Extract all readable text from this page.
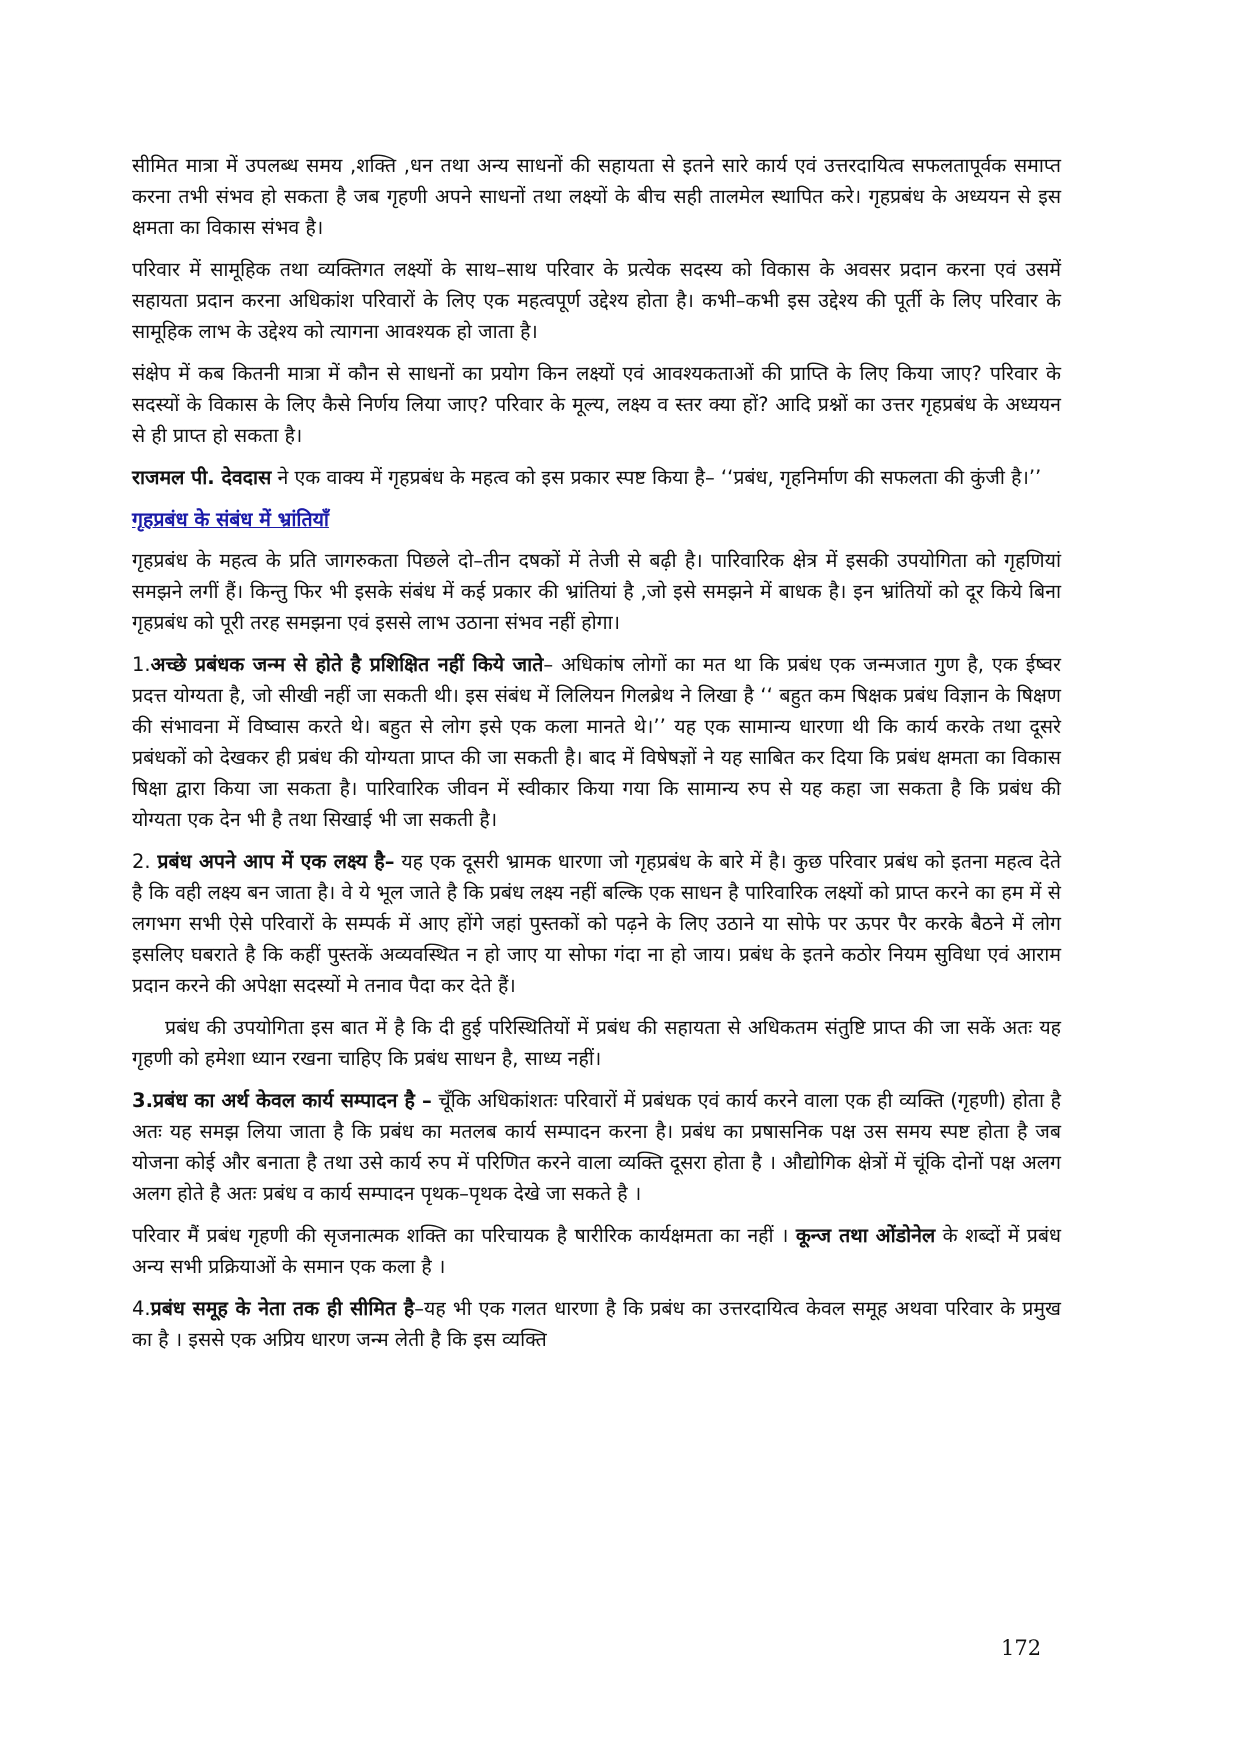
सीमित मात्रा में उपलब्ध समय ,शक्ति ,धन तथा अन्य साधनों की सहायता से इतने सारे कार्य एवं उत्तरदायित्व सफलतापूर्वक समाप्त करना तभी संभव हो सकता है जब गृहणी अपने साधनों तथा लक्ष्यों के बीच सही तालमेल स्थापित करे। गृहप्रबंध के अध्ययन से इस क्षमता का विकास संभव है।

परिवार में सामूहिक तथा व्यक्तिगत लक्ष्यों के साथ–साथ परिवार के प्रत्येक सदस्य को विकास के अवसर प्रदान करना एवं उसमें सहायता प्रदान करना अधिकांश परिवारों के लिए एक महत्वपूर्ण उद्देश्य होता है। कभी–कभी इस उद्देश्य की पूर्ती के लिए परिवार के सामूहिक लाभ के उद्देश्य को त्यागना आवश्यक हो जाता है।

संक्षेप में कब कितनी मात्रा में कौन से साधनों का प्रयोग किन लक्ष्यों एवं आवश्यकताओं की प्राप्ति के लिए किया जाए? परिवार के सदस्यों के विकास के लिए कैसे निर्णय लिया जाए? परिवार के मूल्य, लक्ष्य व स्तर क्या हों? आदि प्रश्नों का उत्तर गृहप्रबंध के अध्ययन से ही प्राप्त हो सकता है।

राजमल पी. देवदास ने एक वाक्य में गृहप्रबंध के महत्व को इस प्रकार स्पष्ट किया है– ‘‘प्रबंध, गृहनिर्माण की सफलता की कुंजी है।’’

गृहप्रबंध के संबंध में भ्रांतियाँ

गृहप्रबंध के महत्व के प्रति जागरुकता पिछले दो–तीन दषकों में तेजी से बढ़ी है। पारिवारिक क्षेत्र में इसकी उपयोगिता को गृहणियां समझने लगीं हैं। किन्तु फिर भी इसके संबंध में कई प्रकार की भ्रांतियां है ,जो इसे समझने में बाधक है। इन भ्रांतियों को दूर किये बिना गृहप्रबंध को पूरी तरह समझना एवं इससे लाभ उठाना संभव नहीं होगा।

1.अच्छे प्रबंधक जन्म से होते है प्रशिक्षित नहीं किये जाते– अधिकांष लोगों का मत था कि प्रबंध एक जन्मजात गुण है, एक ईष्वर प्रदत्त योग्यता है, जो सीखी नहीं जा सकती थी। इस संबंध में लिलियन गिलब्रेथ ने लिखा है ‘‘ बहुत कम षिक्षक प्रबंध विज्ञान के षिक्षण की संभावना में विष्वास करते थे। बहुत से लोग इसे एक कला मानते थे।’’ यह एक सामान्य धारणा थी कि कार्य करके तथा दूसरे प्रबंधकों को देखकर ही प्रबंध की योग्यता प्राप्त की जा सकती है। बाद में विषेषज्ञों ने यह साबित कर दिया कि प्रबंध क्षमता का विकास षिक्षा द्वारा किया जा सकता है। पारिवारिक जीवन में स्वीकार किया गया कि सामान्य रुप से यह कहा जा सकता है कि प्रबंध की योग्यता एक देन भी है तथा सिखाई भी जा सकती है।

2. प्रबंध अपने आप में एक लक्ष्य है– यह एक दूसरी भ्रामक धारणा जो गृहप्रबंध के बारे में है। कुछ परिवार प्रबंध को इतना महत्व देते है कि वही लक्ष्य बन जाता है। वे ये भूल जाते है कि प्रबंध लक्ष्य नहीं बल्कि एक साधन है पारिवारिक लक्ष्यों को प्राप्त करने का हम में से लगभग सभी ऐसे परिवारों के सम्पर्क में आए होंगे जहां पुस्तकों को पढ़ने के लिए उठाने या सोफे पर ऊपर पैर करके बैठने में लोग इसलिए घबराते है कि कहीं पुस्तकें अव्यवस्थित न हो जाए या सोफा गंदा ना हो जाय। प्रबंध के इतने कठोर नियम सुविधा एवं आराम प्रदान करने की अपेक्षा सदस्यों मे तनाव पैदा कर देते हैं।

प्रबंध की उपयोगिता इस बात में है कि दी हुई परिस्थितियों में प्रबंध की सहायता से अधिकतम संतुष्टि प्राप्त की जा सकें अतः यह गृहणी को हमेशा ध्यान रखना चाहिए कि प्रबंध साधन है, साध्य नहीं।

3.प्रबंध का अर्थ केवल कार्य सम्पादन है – चूँकि अधिकांशतः परिवारों में प्रबंधक एवं कार्य करने वाला एक ही व्यक्ति (गृहणी) होता है अतः यह समझ लिया जाता है कि प्रबंध का मतलब कार्य सम्पादन करना है। प्रबंध का प्रषासनिक पक्ष उस समय स्पष्ट होता है जब योजना कोई और बनाता है तथा उसे कार्य रुप में परिणित करने वाला व्यक्ति दूसरा होता है । औद्योगिक क्षेत्रों में चूंकि दोनों पक्ष अलग अलग होते है अतः प्रबंध व कार्य सम्पादन पृथक–पृथक देखे जा सकते है ।

परिवार मैं प्रबंध गृहणी की सृजनात्मक शक्ति का परिचायक है षारीरिक कार्यक्षमता का नहीं । कून्ज तथा ओंडोनेल के शब्दों में प्रबंध अन्य सभी प्रक्रियाओं के समान एक कला है ।

4.प्रबंध समूह के नेता तक ही सीमित है–यह भी एक गलत धारणा है कि प्रबंध का उत्तरदायित्व केवल समूह अथवा परिवार के प्रमुख का है । इससे एक अप्रिय धारण जन्म लेती है कि इस व्यक्ति

172
